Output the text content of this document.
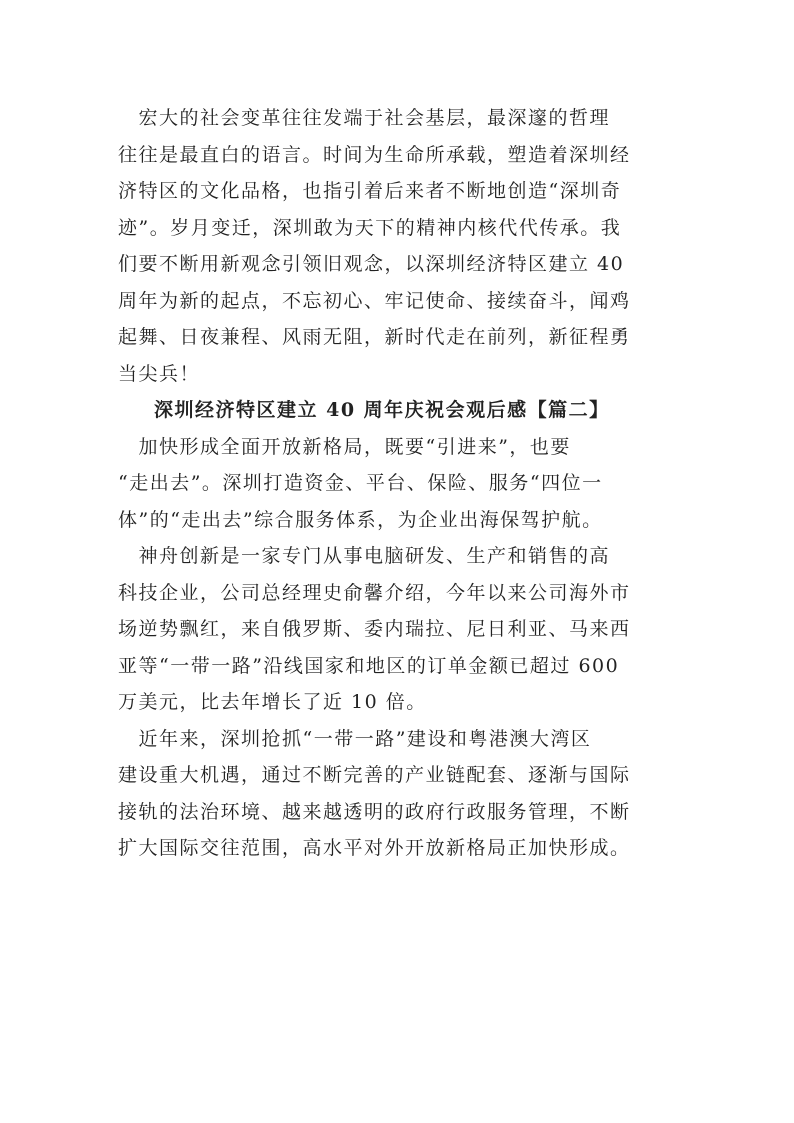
　宏大的社会变革往往发端于社会基层，最深邃的哲理
往往是最直白的语言。时间为生命所承载，塑造着深圳经
济特区的文化品格，也指引着后来者不断地创造“深圳奇
迹”。岁月变迁，深圳敢为天下的精神内核代代传承。我
们要不断用新观念引领旧观念，以深圳经济特区建立 40
周年为新的起点，不忘初心、牢记使命、接续奋斗，闻鸡
起舞、日夜兼程、风雨无阻，新时代走在前列，新征程勇
当尖兵！
深圳经济特区建立 40 周年庆祝会观后感【篇二】
　加快形成全面开放新格局，既要“引进来”，也要
“走出去”。深圳打造资金、平台、保险、服务“四位一
体”的“走出去”综合服务体系，为企业出海保驾护航。
　神舟创新是一家专门从事电脑研发、生产和销售的高
科技企业，公司总经理史俞馨介绍，今年以来公司海外市
场逆势飘红，来自俄罗斯、委内瑞拉、尼日利亚、马来西
亚等“一带一路”沿线国家和地区的订单金额已超过 600
万美元，比去年增长了近 10 倍。
　近年来，深圳抢抓“一带一路”建设和粤港澳大湾区
建设重大机遇，通过不断完善的产业链配套、逐渐与国际
接轨的法治环境、越来越透明的政府行政服务管理，不断
扩大国际交往范围，高水平对外开放新格局正加快形成。
